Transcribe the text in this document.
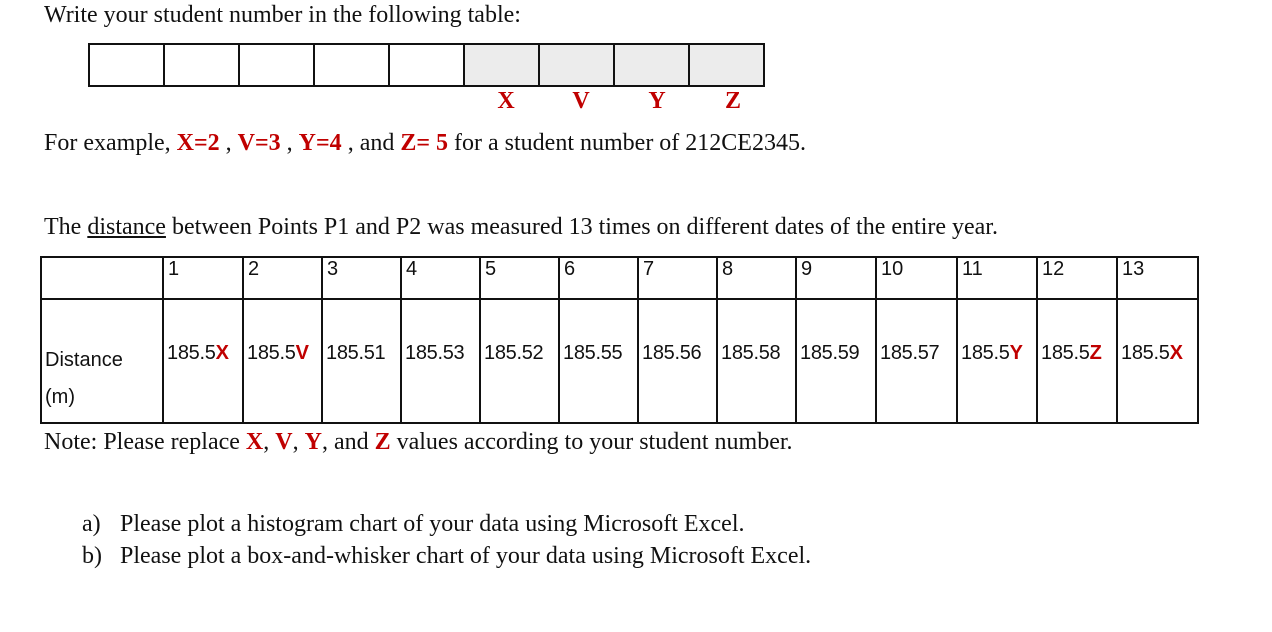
Write your student number in the following table:
X	V	Y	Z
For example, X=2 , V=3 , Y=4 , and Z= 5 for a student number of 212CE2345.
The distance between Points P1 and P2 was measured 13 times on different dates of the entire year.
	1	2	3	4	5	6	7	8	9	10	11	12	13

Distance
(m)	185.5X	185.5V	185.51	185.53	185.52	185.55	185.56	185.58	185.59	185.57	185.5Y	185.5Z	185.5X
Note: Please replace X, V, Y, and Z values according to your student number.
a) Please plot a histogram chart of your data using Microsoft Excel.
b) Please plot a box-and-whisker chart of your data using Microsoft Excel.
